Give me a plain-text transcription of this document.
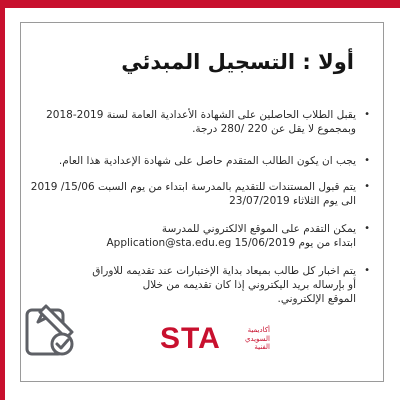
أولا : التسجيل المبدئي
•
يقبل الطلاب الحاصلين على الشهادة الأعدادية العامة لسنة 2019-2018
وبمجموع لا يقل عن 220 /280 درجة.
•
يجب ان يكون الطالب المتقدم حاصل على شهادة الإعدادية هذا العام.
•
يتم قبول المستندات للتقديم بالمدرسة ابتداء من يوم السبت 15/06/ 2019
الى يوم الثلاثاء 23/07/2019
•
يمكن التقدم على الموقع الالكتروني للمدرسة
ابتداء من يوم 15/06/2019 Application@sta.edu.eg
•
يتم اخبار كل طالب بميعاد بداية الإختبارات عند تقديمه للاوراق
أو بإرساله بريد اليكتروني إذا كان تقديمه من خلال
الموقع الإلكتروني.
STA	أكاديمية
السويدي
الفنية
